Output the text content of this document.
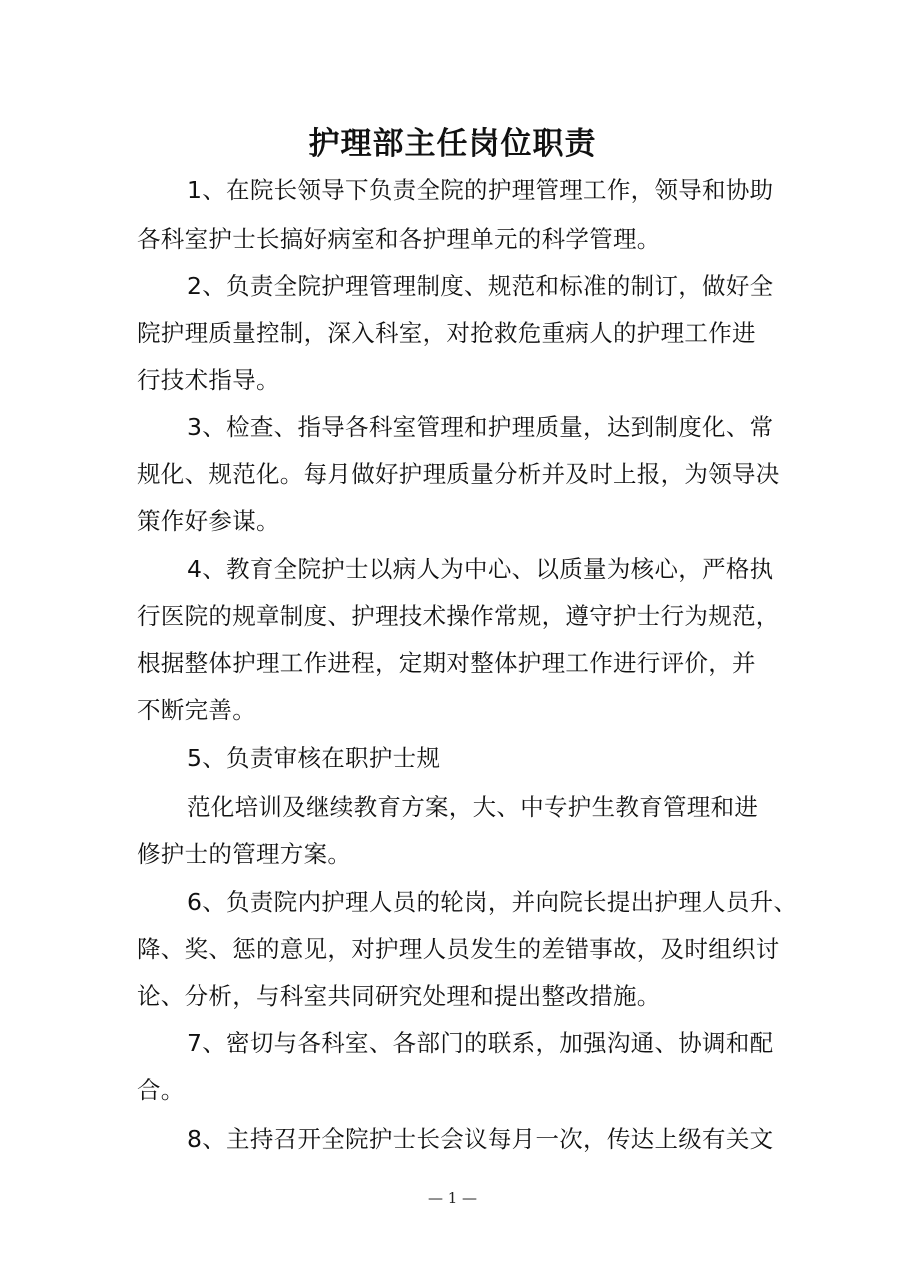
护理部主任岗位职责
1、在院长领导下负责全院的护理管理工作，领导和协助
各科室护士长搞好病室和各护理单元的科学管理。
2、负责全院护理管理制度、规范和标准的制订，做好全
院护理质量控制，深入科室，对抢救危重病人的护理工作进
行技术指导。
3、检查、指导各科室管理和护理质量，达到制度化、常
规化、规范化。每月做好护理质量分析并及时上报，为领导决
策作好参谋。
4、教育全院护士以病人为中心、以质量为核心，严格执
行医院的规章制度、护理技术操作常规，遵守护士行为规范，
根据整体护理工作进程，定期对整体护理工作进行评价，并
不断完善。
5、负责审核在职护士规
范化培训及继续教育方案，大、中专护生教育管理和进
修护士的管理方案。
6、负责院内护理人员的轮岗，并向院长提出护理人员升、
降、奖、惩的意见，对护理人员发生的差错事故，及时组织讨
论、分析，与科室共同研究处理和提出整改措施。
7、密切与各科室、各部门的联系，加强沟通、协调和配
合。
8、主持召开全院护士长会议每月一次，传达上级有关文
— 1 —
